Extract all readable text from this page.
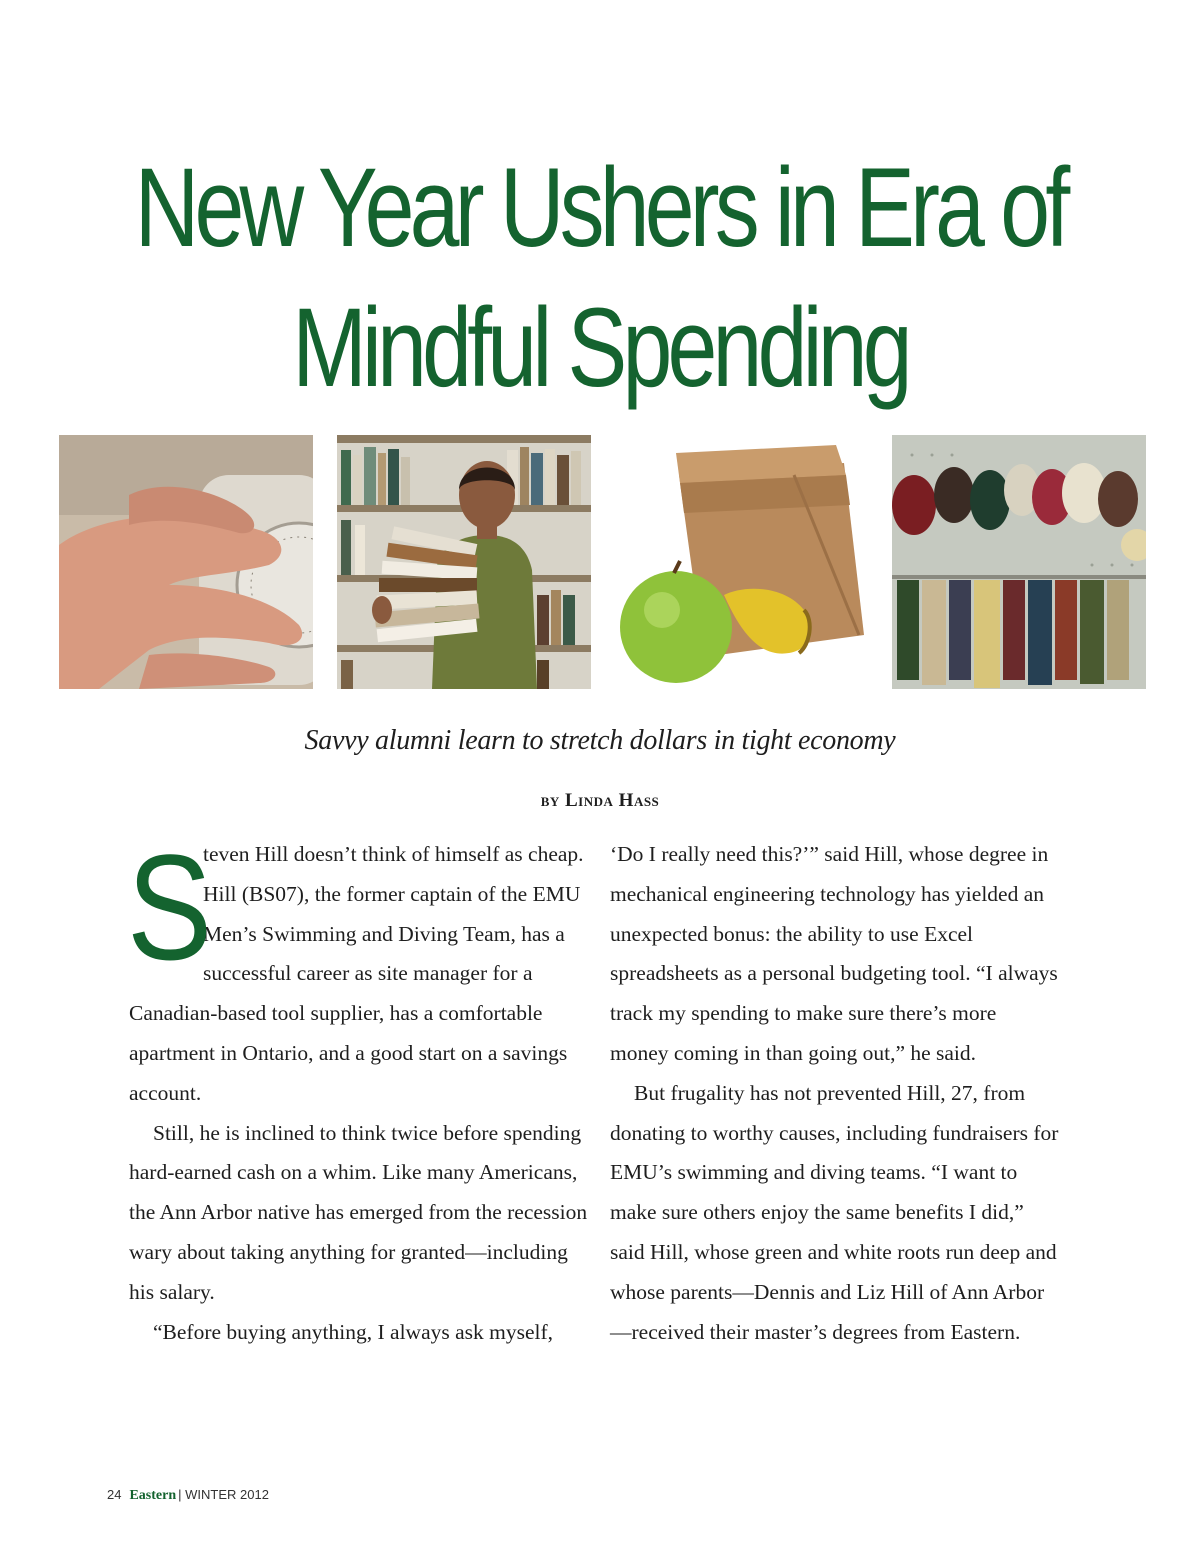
New Year Ushers in Era of
Mindful Spending
Savvy alumni learn to stretch dollars in tight economy
by Linda Hass

S
teven Hill doesn’t think of himself as cheap. Hill (BS07), the former captain of the EMU Men’s Swimming and Diving Team, has a successful career as site manager for a Canadian-based tool supplier, has a comfortable apartment in Ontario, and a good start on a savings account.

Still, he is inclined to think twice before spending hard-earned cash on a whim. Like many Americans, the Ann Arbor native has emerged from the recession wary about taking anything for granted—including his salary.

“Before buying anything, I always ask myself,

‘Do I really need this?’” said Hill, whose degree in mechanical engineering technology has yielded an unexpected bonus: the ability to use Excel spreadsheets as a personal budgeting tool. “I always track my spending to make sure there’s more money coming in than going out,” he said.

But frugality has not prevented Hill, 27, from donating to worthy causes, including fundraisers for EMU’s swimming and diving teams. “I want to make sure others enjoy the same benefits I did,” said Hill, whose green and white roots run deep and whose parents—Dennis and Liz Hill of Ann Arbor—received their master’s degrees from Eastern.

24 Eastern | WINTER 2012
